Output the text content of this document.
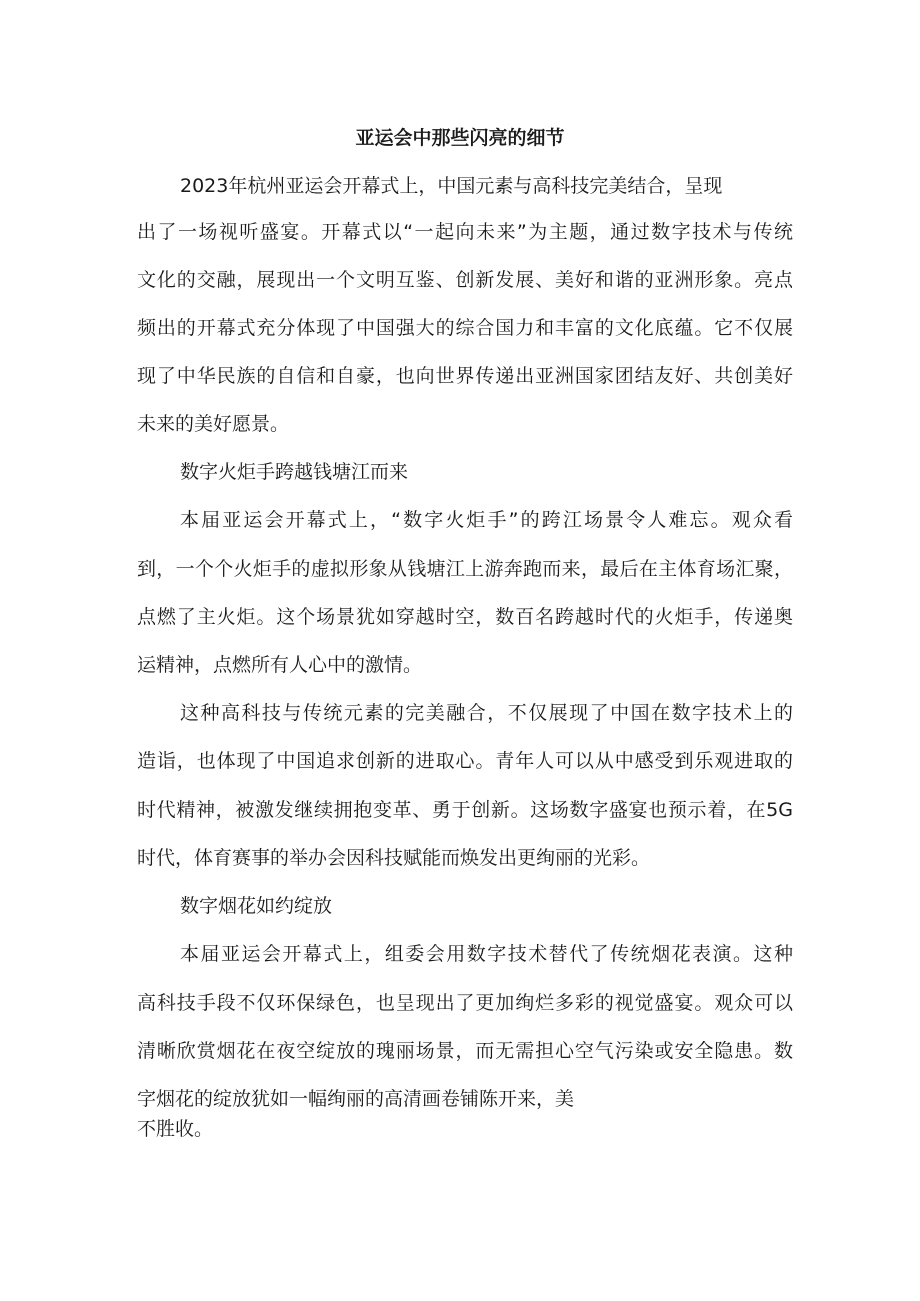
亚运会中那些闪亮的细节
2023年杭州亚运会开幕式上，中国元素与高科技完美结合，呈现
出了一场视听盛宴。开幕式以“一起向未来”为主题，通过数字技术与传统
文化的交融，展现出一个文明互鉴、创新发展、美好和谐的亚洲形象。亮点
频出的开幕式充分体现了中国强大的综合国力和丰富的文化底蕴。它不仅展
现了中华民族的自信和自豪，也向世界传递出亚洲国家团结友好、共创美好
未来的美好愿景。
数字火炬手跨越钱塘江而来
本届亚运会开幕式上，“数字火炬手”的跨江场景令人难忘。观众看
到，一个个火炬手的虚拟形象从钱塘江上游奔跑而来，最后在主体育场汇聚，
点燃了主火炬。这个场景犹如穿越时空，数百名跨越时代的火炬手，传递奥
运精神，点燃所有人心中的激情。
这种高科技与传统元素的完美融合，不仅展现了中国在数字技术上的
造诣，也体现了中国追求创新的进取心。青年人可以从中感受到乐观进取的
时代精神，被激发继续拥抱变革、勇于创新。这场数字盛宴也预示着，在5G
时代，体育赛事的举办会因科技赋能而焕发出更绚丽的光彩。
数字烟花如约绽放
本届亚运会开幕式上，组委会用数字技术替代了传统烟花表演。这种
高科技手段不仅环保绿色，也呈现出了更加绚烂多彩的视觉盛宴。观众可以
清晰欣赏烟花在夜空绽放的瑰丽场景，而无需担心空气污染或安全隐患。数
字烟花的绽放犹如一幅绚丽的高清画卷铺陈开来，美
不胜收。
